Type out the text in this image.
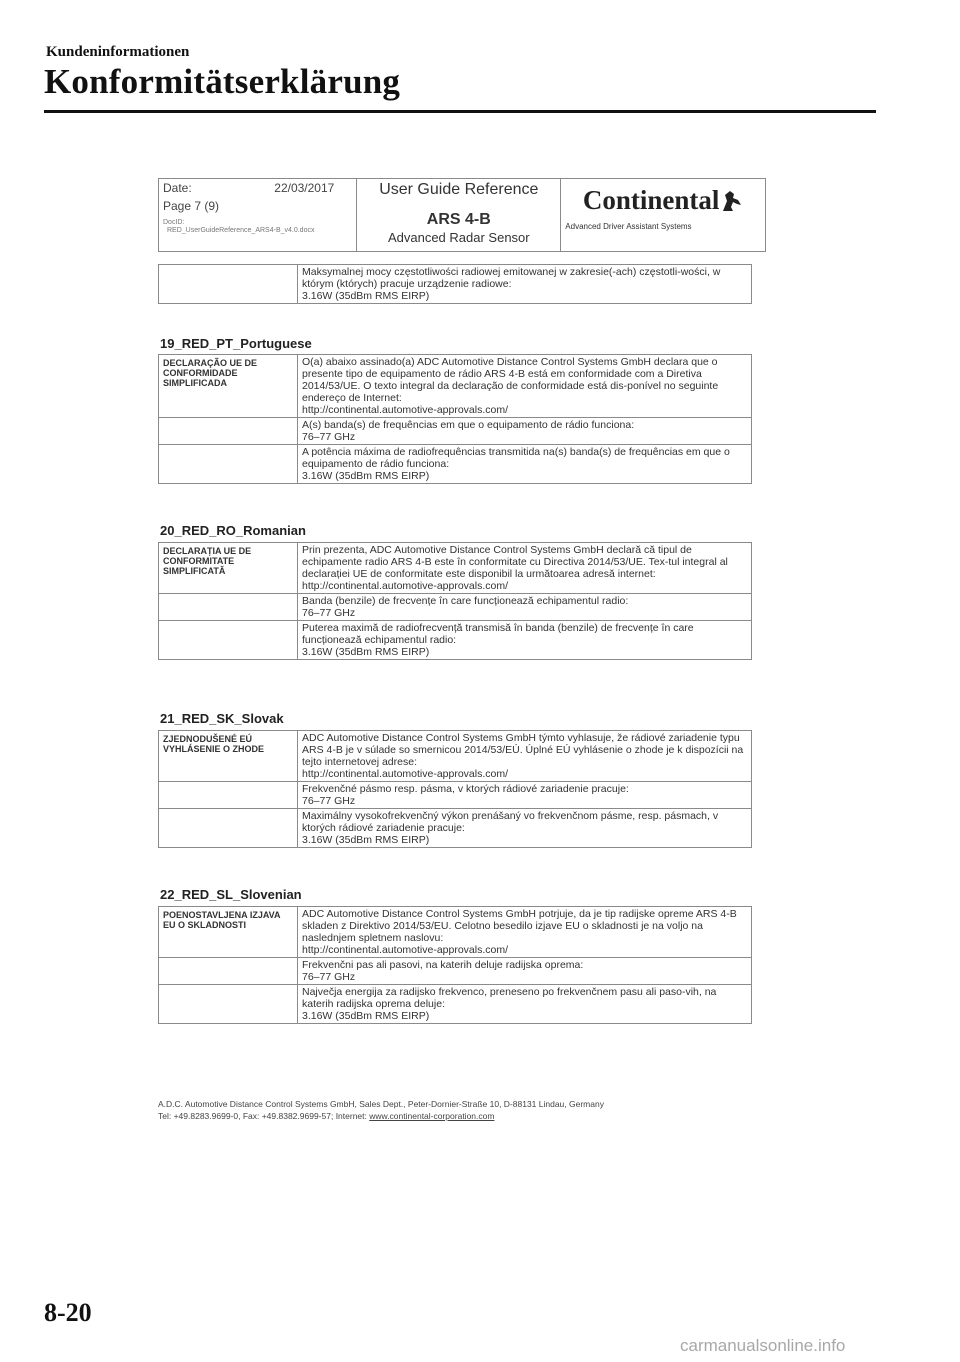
Kundeninformationen
Konformitätserklärung
Date:	22/03/2017
Page 7 (9)
DocID:
RED_UserGuideReference_ARS4-B_v4.0.docx

User Guide Reference
ARS 4-B
Advanced Radar Sensor

Continental
Advanced Driver Assistant Systems

Maksymalnej mocy częstotliwości radiowej emitowanej w zakresie(-ach) częstotli-wości, w którym (których) pracuje urządzenie radiowe:
3.16W (35dBm RMS EIRP)
19_RED_PT_Portuguese
DECLARAÇÃO UE DE CONFORMIDADE SIMPLIFICADA	O(a) abaixo assinado(a) ADC Automotive Distance Control Systems GmbH declara que o presente tipo de equipamento de rádio ARS 4-B está em conformidade com a Diretiva 2014/53/UE. O texto integral da declaração de conformidade está dis-ponível no seguinte endereço de Internet:
http://continental.automotive-approvals.com/

	A(s) banda(s) de frequências em que o equipamento de rádio funciona:
76–77 GHz

	A potência máxima de radiofrequências transmitida na(s) banda(s) de frequências em que o equipamento de rádio funciona:
3.16W (35dBm RMS EIRP)
20_RED_RO_Romanian
DECLARAȚIA UE DE CONFORMITATE SIMPLIFICATĂ	Prin prezenta, ADC Automotive Distance Control Systems GmbH declară că tipul de echipamente radio ARS 4-B este în conformitate cu Directiva 2014/53/UE. Tex-tul integral al declarației UE de conformitate este disponibil la următoarea adresă internet:
http://continental.automotive-approvals.com/

	Banda (benzile) de frecvențe în care funcționează echipamentul radio:
76–77 GHz

	Puterea maximă de radiofrecvență transmisă în banda (benzile) de frecvențe în care funcționează echipamentul radio:
3.16W (35dBm RMS EIRP)
21_RED_SK_Slovak
ZJEDNODUŠENÉ EÚ VYHLÁSENIE O ZHODE	ADC Automotive Distance Control Systems GmbH týmto vyhlasuje, že rádiové zariadenie typu ARS 4-B je v súlade so smernicou 2014/53/EÚ. Úplné EÚ vyhlásenie o zhode je k dispozícii na tejto internetovej adrese:
http://continental.automotive-approvals.com/

	Frekvenčné pásmo resp. pásma, v ktorých rádiové zariadenie pracuje:
76–77 GHz

	Maximálny vysokofrekvenčný výkon prenášaný vo frekvenčnom pásme, resp. pásmach, v ktorých rádiové zariadenie pracuje:
3.16W (35dBm RMS EIRP)
22_RED_SL_Slovenian
POENOSTAVLJENA IZJAVA EU O SKLADNOSTI	ADC Automotive Distance Control Systems GmbH potrjuje, da je tip radijske opreme ARS 4-B skladen z Direktivo 2014/53/EU. Celotno besedilo izjave EU o skladnosti je na voljo na naslednjem spletnem naslovu:
http://continental.automotive-approvals.com/

	Frekvenčni pas ali pasovi, na katerih deluje radijska oprema:
76–77 GHz

	Največja energija za radijsko frekvenco, preneseno po frekvenčnem pasu ali paso-vih, na katerih radijska oprema deluje:
3.16W (35dBm RMS EIRP)
A.D.C. Automotive Distance Control Systems GmbH, Sales Dept., Peter-Dornier-Straße 10, D-88131 Lindau, Germany
Tel: +49.8283.9699-0, Fax: +49.8382.9699-57; Internet: www.continental-corporation.com
8-20
carmanualsonline.info
